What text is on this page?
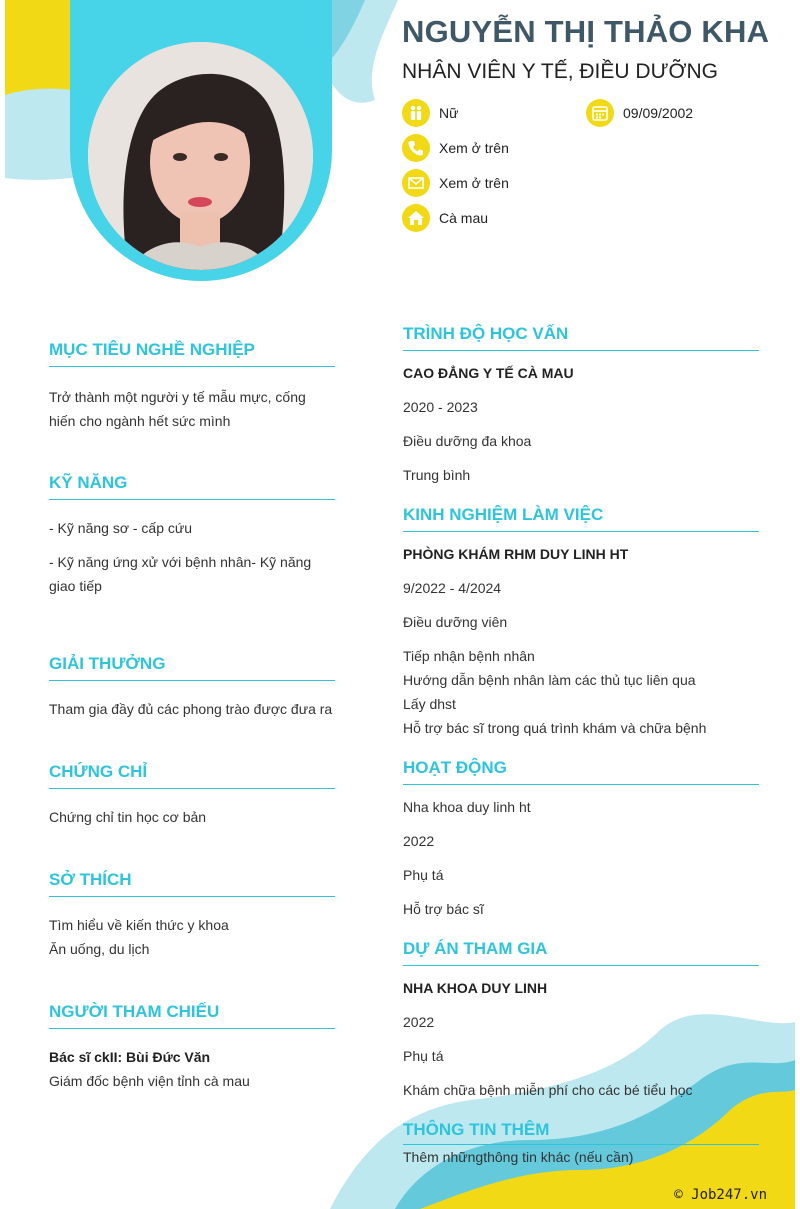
NGUYỄN THỊ THẢO KHA
NHÂN VIÊN Y TẾ, ĐIỀU DƯỠNG
Nữ	09/09/2002
Xem ở trên
Xem ở trên
Cà mau
MỤC TIÊU NGHỀ NGHIỆP
Trở thành một người y tế mẫu mực, cống hiến cho ngành hết sức mình
KỸ NĂNG
- Kỹ năng sơ - cấp cứu
- Kỹ năng ứng xử với bệnh nhân- Kỹ năng giao tiếp
GIẢI THƯỞNG
Tham gia đầy đủ các phong trào được đưa ra
CHỨNG CHỈ
Chứng chỉ tin học cơ bản
SỞ THÍCH
Tìm hiểu về kiến thức y khoa
Ăn uống, du lịch
NGƯỜI THAM CHIẾU
Bác sĩ ckII: Bùi Đức Văn
Giám đốc bệnh viện tỉnh cà mau
TRÌNH ĐỘ HỌC VẤN
CAO ĐẲNG Y TẾ CÀ MAU
2020 - 2023
Điều dưỡng đa khoa
Trung bình
KINH NGHIỆM LÀM VIỆC
PHÒNG KHÁM RHM DUY LINH HT
9/2022 - 4/2024
Điều dưỡng viên
Tiếp nhận bệnh nhân
Hướng dẫn bệnh nhân làm các thủ tục liên qua
Lấy dhst
Hỗ trợ bác sĩ trong quá trình khám và chữa bệnh
HOẠT ĐỘNG
Nha khoa duy linh ht
2022
Phụ tá
Hỗ trợ bác sĩ
DỰ ÁN THAM GIA
NHA KHOA DUY LINH
2022
Phụ tá
Khám chữa bệnh miễn phí cho các bé tiểu học
THÔNG TIN THÊM
Thêm nhữngthông tin khác (nếu cần)
© Job247.vn
